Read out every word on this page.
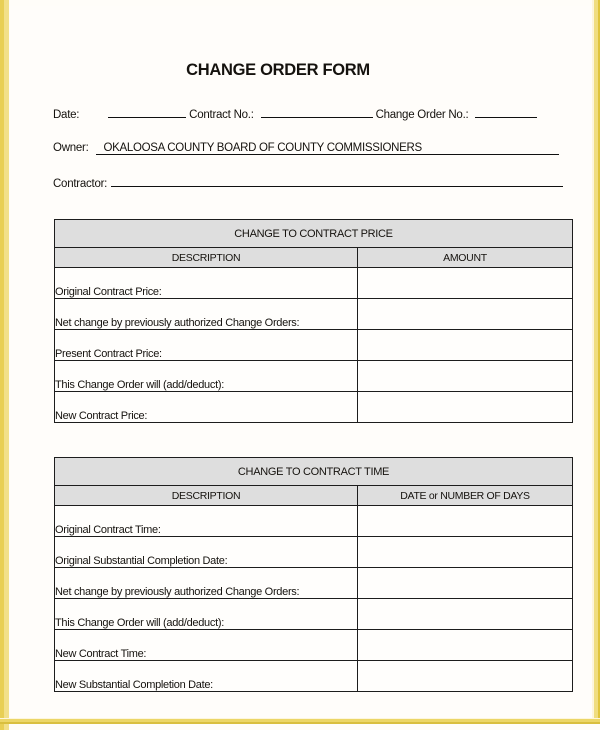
CHANGE ORDER FORM
Date:	Contract No.:	Change Order No.:
Owner: OKALOOSA COUNTY BOARD OF COUNTY COMMISSIONERS
Contractor:
CHANGE TO CONTRACT PRICE	
DESCRIPTION	AMOUNT
Original Contract Price:	
Net change by previously authorized Change Orders:	
Present Contract Price:	
This Change Order will (add/deduct):	
New Contract Price:	
CHANGE TO CONTRACT TIME	
DESCRIPTION	DATE or NUMBER OF DAYS
Original Contract Time:	
Original Substantial Completion Date:	
Net change by previously authorized Change Orders:	
This Change Order will (add/deduct):	
New Contract Time:	
New Substantial Completion Date:	
